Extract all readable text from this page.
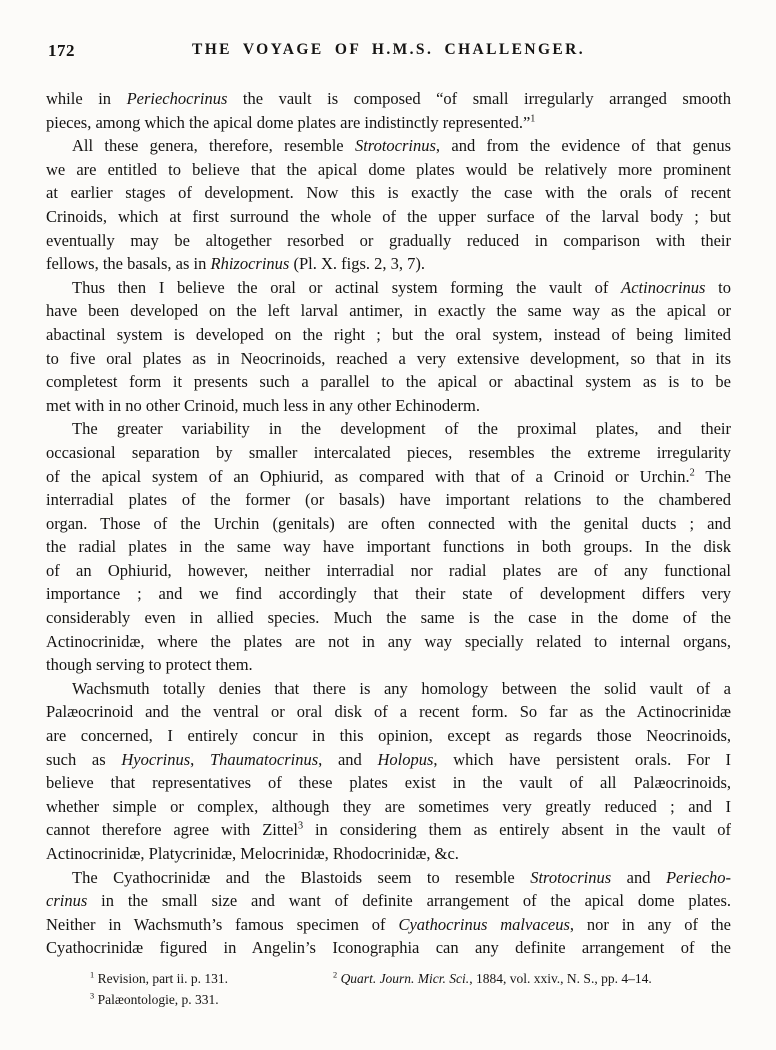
172	THE VOYAGE OF H.M.S. CHALLENGER.
while in Periechocrinus the vault is composed “of small irregularly arranged smooth
pieces, among which the apical dome plates are indistinctly represented.”$^1$
All these genera, therefore, resemble Strotocrinus, and from the evidence of that genus
we are entitled to believe that the apical dome plates would be relatively more prominent
at earlier stages of development. Now this is exactly the case with the orals of recent
Crinoids, which at first surround the whole of the upper surface of the larval body ; but
eventually may be altogether resorbed or gradually reduced in comparison with their
fellows, the basals, as in Rhizocrinus (Pl. X. figs. 2, 3, 7).
Thus then I believe the oral or actinal system forming the vault of Actinocrinus to
have been developed on the left larval antimer, in exactly the same way as the apical or
abactinal system is developed on the right ; but the oral system, instead of being limited
to five oral plates as in Neocrinoids, reached a very extensive development, so that in its
completest form it presents such a parallel to the apical or abactinal system as is to be
met with in no other Crinoid, much less in any other Echinoderm.
The greater variability in the development of the proximal plates, and their
occasional separation by smaller intercalated pieces, resembles the extreme irregularity
of the apical system of an Ophiurid, as compared with that of a Crinoid or Urchin.$^2$ The
interradial plates of the former (or basals) have important relations to the chambered
organ. Those of the Urchin (genitals) are often connected with the genital ducts ; and
the radial plates in the same way have important functions in both groups. In the disk
of an Ophiurid, however, neither interradial nor radial plates are of any functional
importance ; and we find accordingly that their state of development differs very
considerably even in allied species. Much the same is the case in the dome of the
Actinocrinidæ, where the plates are not in any way specially related to internal organs,
though serving to protect them.
Wachsmuth totally denies that there is any homology between the solid vault of a
Palæocrinoid and the ventral or oral disk of a recent form. So far as the Actinocrinidæ
are concerned, I entirely concur in this opinion, except as regards those Neocrinoids,
such as Hyocrinus, Thaumatocrinus, and Holopus, which have persistent orals. For I
believe that representatives of these plates exist in the vault of all Palæocrinoids,
whether simple or complex, although they are sometimes very greatly reduced ; and I
cannot therefore agree with Zittel$^3$ in considering them as entirely absent in the vault of
Actinocrinidæ, Platycrinidæ, Melocrinidæ, Rhodocrinidæ, &c.
The Cyathocrinidæ and the Blastoids seem to resemble Strotocrinus and Periecho-
crinus in the small size and want of definite arrangement of the apical dome plates.
Neither in Wachsmuth’s famous specimen of Cyathocrinus malvaceus, nor in any of the
Cyathocrinidæ figured in Angelin’s Iconographia can any definite arrangement of the
$^1$ Revision, part ii. p. 131.
$^3$ Palæontologie, p. 331.
$^2$ Quart. Journ. Micr. Sci., 1884, vol. xxiv., N. S., pp. 4–14.
